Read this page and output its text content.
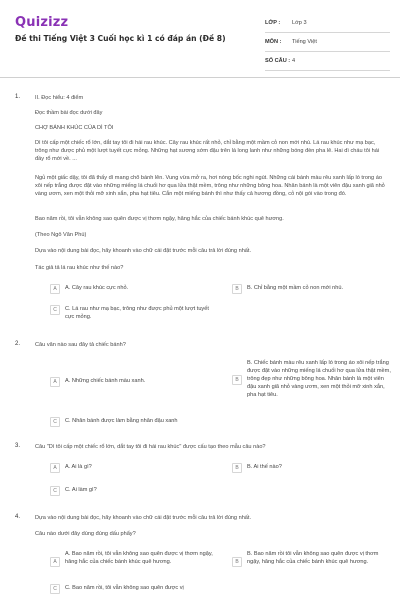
Quizizz
Đề thi Tiếng Việt 3 Cuối học kì 1 có đáp án (Đề 8)
LỚP :	Lớp 3
MÔN :	Tiếng Việt
SỐ CÂU : 4
1.	II. Đọc hiểu: 4 điểm

Đọc thầm bài đọc dưới đây

CHỢ BÁNH KHÚC CỦA DÌ TÔI

Dì tôi cấp một chiếc rổ lớn, dắt tay tôi đi hái rau khúc. Cây rau khúc rất nhỏ, chỉ bằng một mầm cỏ non mới nhú. Lá rau khúc như mạ bạc, trông như được phủ một lượt tuyết cực mỏng. Những hạt sương sớm đậu trên lá long lanh như những bóng đèn pha lê. Hai dì cháu tôi hái đầy rổ mới về. ...

Ngủ một giấc dậy, tôi đã thấy dì mang chõ bánh lên. Vung vừa mở ra, hơi nóng bốc nghi ngút. Những cái bánh màu rêu xanh lấp ló trong áo xôi nếp trắng được đặt vào những miếng lá chuối hơ qua lửa thật mềm, trông như những bông hoa. Nhân bánh là một viên đậu xanh giã nhỏ vàng ươm, xen một thỏi mỡ xinh xắn, pha hạt tiêu. Cắn một miếng bánh thì như thấy cả hương đồng, cỏ nội gói vào trong đó.

Bao năm rồi, tôi vẫn không sao quên được vị thơm ngậy, hăng hắc của chiếc bánh khúc quê hương.

(Theo Ngô Văn Phú)

Dựa vào nội dung bài đọc, hãy khoanh vào chữ cái đặt trước mỗi câu trả lời đúng nhất.

Tác giả tả lá rau khúc như thế nào?

A	A. Cây rau khúc cực nhỏ.	B	B. Chỉ bằng một mầm cỏ non mới nhú.
C	C. Lá rau như mạ bạc, trông như được phủ một lượt tuyết cực mỏng.
2.	Câu văn nào sau đây tả chiếc bánh?

A	A. Những chiếc bánh màu xanh.	B
B. Chiếc bánh màu rêu xanh lấp ló trong áo xôi nếp trắng được đặt vào những miếng lá chuối hơ qua lửa thật mềm, trông đẹp như những bông hoa. Nhân bánh là một viên đậu xanh giã nhỏ vàng ươm, xen một thỏi mỡ xinh xắn, pha hạt tiêu.
C	C. Nhân bánh được làm bằng nhân đậu xanh
3.	Câu "Dì tôi cấp một chiếc rổ lớn, dắt tay tôi đi hái rau khúc" được cấu tạo theo mẫu câu nào?

A	A. Ai là gì?	B	B. Ai thế nào?
C	C. Ai làm gì?
4.	Dựa vào nội dung bài đọc, hãy khoanh vào chữ cái đặt trước mỗi câu trả lời đúng nhất.

Câu nào dưới đây dùng đúng dấu phẩy?

A
A. Bao năm rồi, tôi vẫn không sao quên được vị thơm ngậy, hăng hắc của chiếc bánh khúc quê hương.	B
B. Bao năm rồi tôi vẫn không sao quên được vị thơm ngậy, hăng hắc của chiếc bánh khúc quê hương.
C	C. Bao năm rồi, tôi vẫn không sao quên được vị
